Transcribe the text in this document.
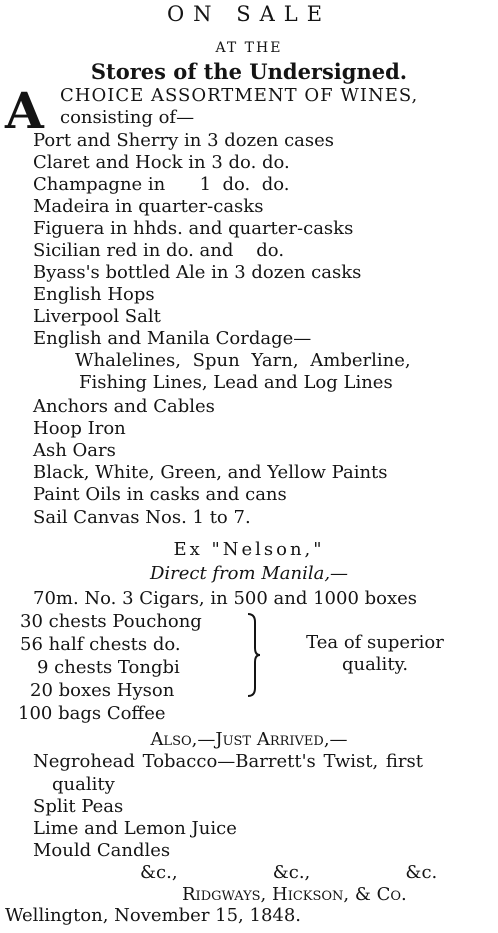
ON SALE
AT THE
Stores of the Undersigned.
A CHOICE ASSORTMENT OF WINES,
consisting of—
Port and Sherry in 3 dozen cases
Claret and Hock in 3 do. do.
Champagne in      1  do.  do.
Madeira in quarter-casks
Figuera in hhds. and quarter-casks
Sicilian red in do. and    do.
Byass's bottled Ale in 3 dozen casks
English Hops
Liverpool Salt
English and Manila Cordage—
Whalelines, Spun Yarn, Amberline,
Fishing Lines, Lead and Log Lines
Anchors and Cables
Hoop Iron
Ash Oars
Black, White, Green, and Yellow Paints
Paint Oils in casks and cans
Sail Canvas Nos. 1 to 7.
Ex "Nelson,"
Direct from Manila,—
70m. No. 3 Cigars, in 500 and 1000 boxes
30 chests Pouchong
56 half chests do.
9 chests Tongbi
20 boxes Hyson
Tea of superior
quality.
100 bags Coffee
Also,—Just Arrived,—
Negrohead Tobacco—Barrett's Twist, first
quality
Split Peas
Lime and Lemon Juice
Mould Candles
&c.,   &c.,   &c.
Ridgways, Hickson, & Co.
Wellington, November 15, 1848.
